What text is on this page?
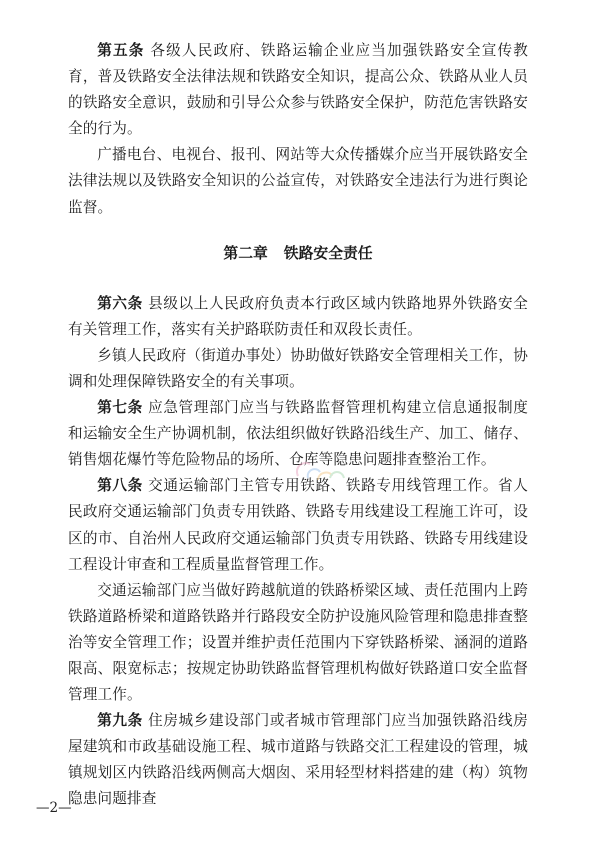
第五条 各级人民政府、铁路运输企业应当加强铁路安全宣传教育，普及铁路安全法律法规和铁路安全知识，提高公众、铁路从业人员的铁路安全意识，鼓励和引导公众参与铁路安全保护，防范危害铁路安全的行为。

广播电台、电视台、报刊、网站等大众传播媒介应当开展铁路安全法律法规以及铁路安全知识的公益宣传，对铁路安全违法行为进行舆论监督。

第二章 铁路安全责任

第六条 县级以上人民政府负责本行政区域内铁路地界外铁路安全有关管理工作，落实有关护路联防责任和双段长责任。

乡镇人民政府（街道办事处）协助做好铁路安全管理相关工作，协调和处理保障铁路安全的有关事项。

第七条 应急管理部门应当与铁路监督管理机构建立信息通报制度和运输安全生产协调机制，依法组织做好铁路沿线生产、加工、储存、销售烟花爆竹等危险物品的场所、仓库等隐患问题排查整治工作。

第八条 交通运输部门主管专用铁路、铁路专用线管理工作。省人民政府交通运输部门负责专用铁路、铁路专用线建设工程施工许可，设区的市、自治州人民政府交通运输部门负责专用铁路、铁路专用线建设工程设计审查和工程质量监督管理工作。

交通运输部门应当做好跨越航道的铁路桥梁区域、责任范围内上跨铁路道路桥梁和道路铁路并行路段安全防护设施风险管理和隐患排查整治等安全管理工作；设置并维护责任范围内下穿铁路桥梁、涵洞的道路限高、限宽标志；按规定协助铁路监督管理机构做好铁路道口安全监督管理工作。

第九条 住房城乡建设部门或者城市管理部门应当加强铁路沿线房屋建筑和市政基础设施工程、城市道路与铁路交汇工程建设的管理，城镇规划区内铁路沿线两侧高大烟囱、采用轻型材料搭建的建（构）筑物隐患问题排查

—2—
